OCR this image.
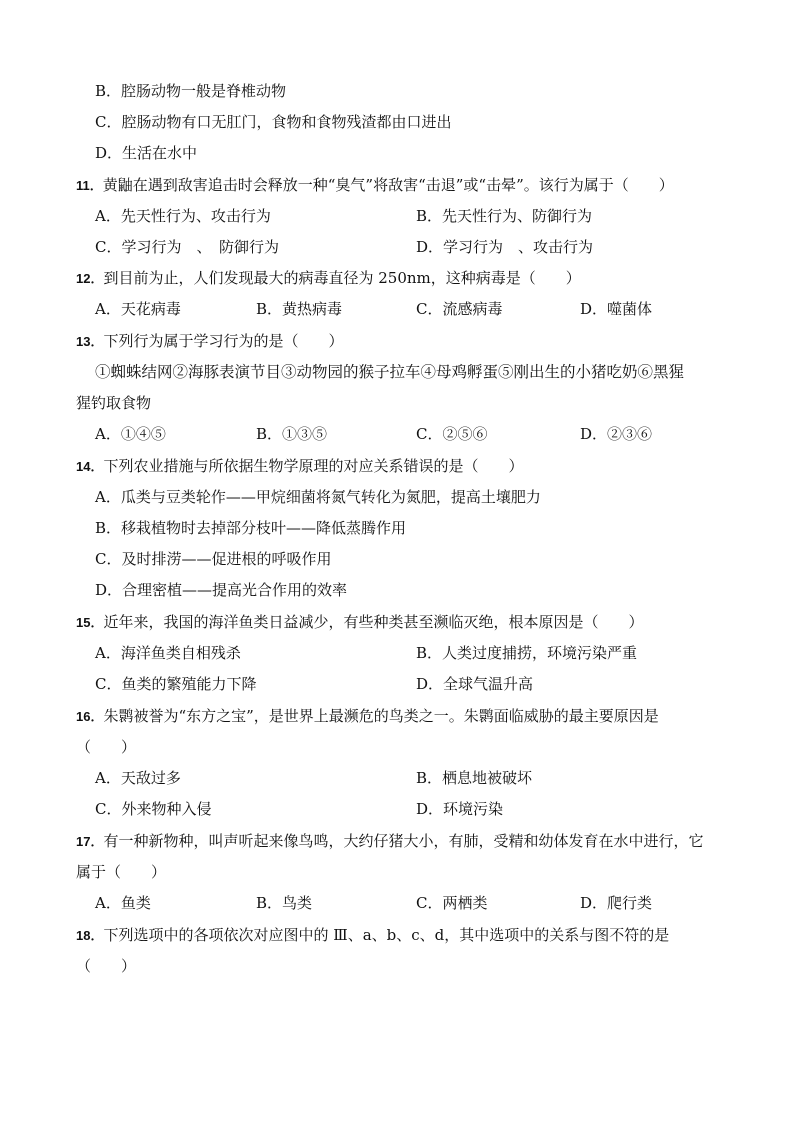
B．腔肠动物一般是脊椎动物
C．腔肠动物有口无肛门，食物和食物残渣都由口进出
D．生活在水中
11．黄鼬在遇到敌害追击时会释放一种“臭气”将敌害“击退”或“击晕”。该行为属于（　　）
A．先天性行为、攻击行为	B．先天性行为、防御行为
C．学习行为　、　防御行为	D．学习行为　、攻击行为
12．到目前为止，人们发现最大的病毒直径为 250nm，这种病毒是（　　）
A．天花病毒	B．黄热病毒	C．流感病毒	D．噬菌体
13．下列行为属于学习行为的是（　　）
①蜘蛛结网②海豚表演节目③动物园的猴子拉车④母鸡孵蛋⑤刚出生的小猪吃奶⑥黑猩
猩钓取食物
A．①④⑤	B．①③⑤	C．②⑤⑥	D．②③⑥
14．下列农业措施与所依据生物学原理的对应关系错误的是（　　）
A．瓜类与豆类轮作——甲烷细菌将氮气转化为氮肥，提高土壤肥力
B．移栽植物时去掉部分枝叶——降低蒸腾作用
C．及时排涝——促进根的呼吸作用
D．合理密植——提高光合作用的效率
15．近年来，我国的海洋鱼类日益减少，有些种类甚至濒临灭绝，根本原因是（　　）
A．海洋鱼类自相残杀	B．人类过度捕捞，环境污染严重
C．鱼类的繁殖能力下降	D．全球气温升高
16．朱鹮被誉为“东方之宝”，是世界上最濒危的鸟类之一。朱鹮面临威胁的最主要原因是
（　　）
A．天敌过多	B．栖息地被破坏
C．外来物种入侵	D．环境污染
17．有一种新物种，叫声听起来像鸟鸣，大约仔猪大小，有肺，受精和幼体发育在水中进行，它
属于（　　）
A．鱼类	B．鸟类	C．两栖类	D．爬行类
18．下列选项中的各项依次对应图中的 Ⅲ、a、b、c、d，其中选项中的关系与图不符的是
（　　）
